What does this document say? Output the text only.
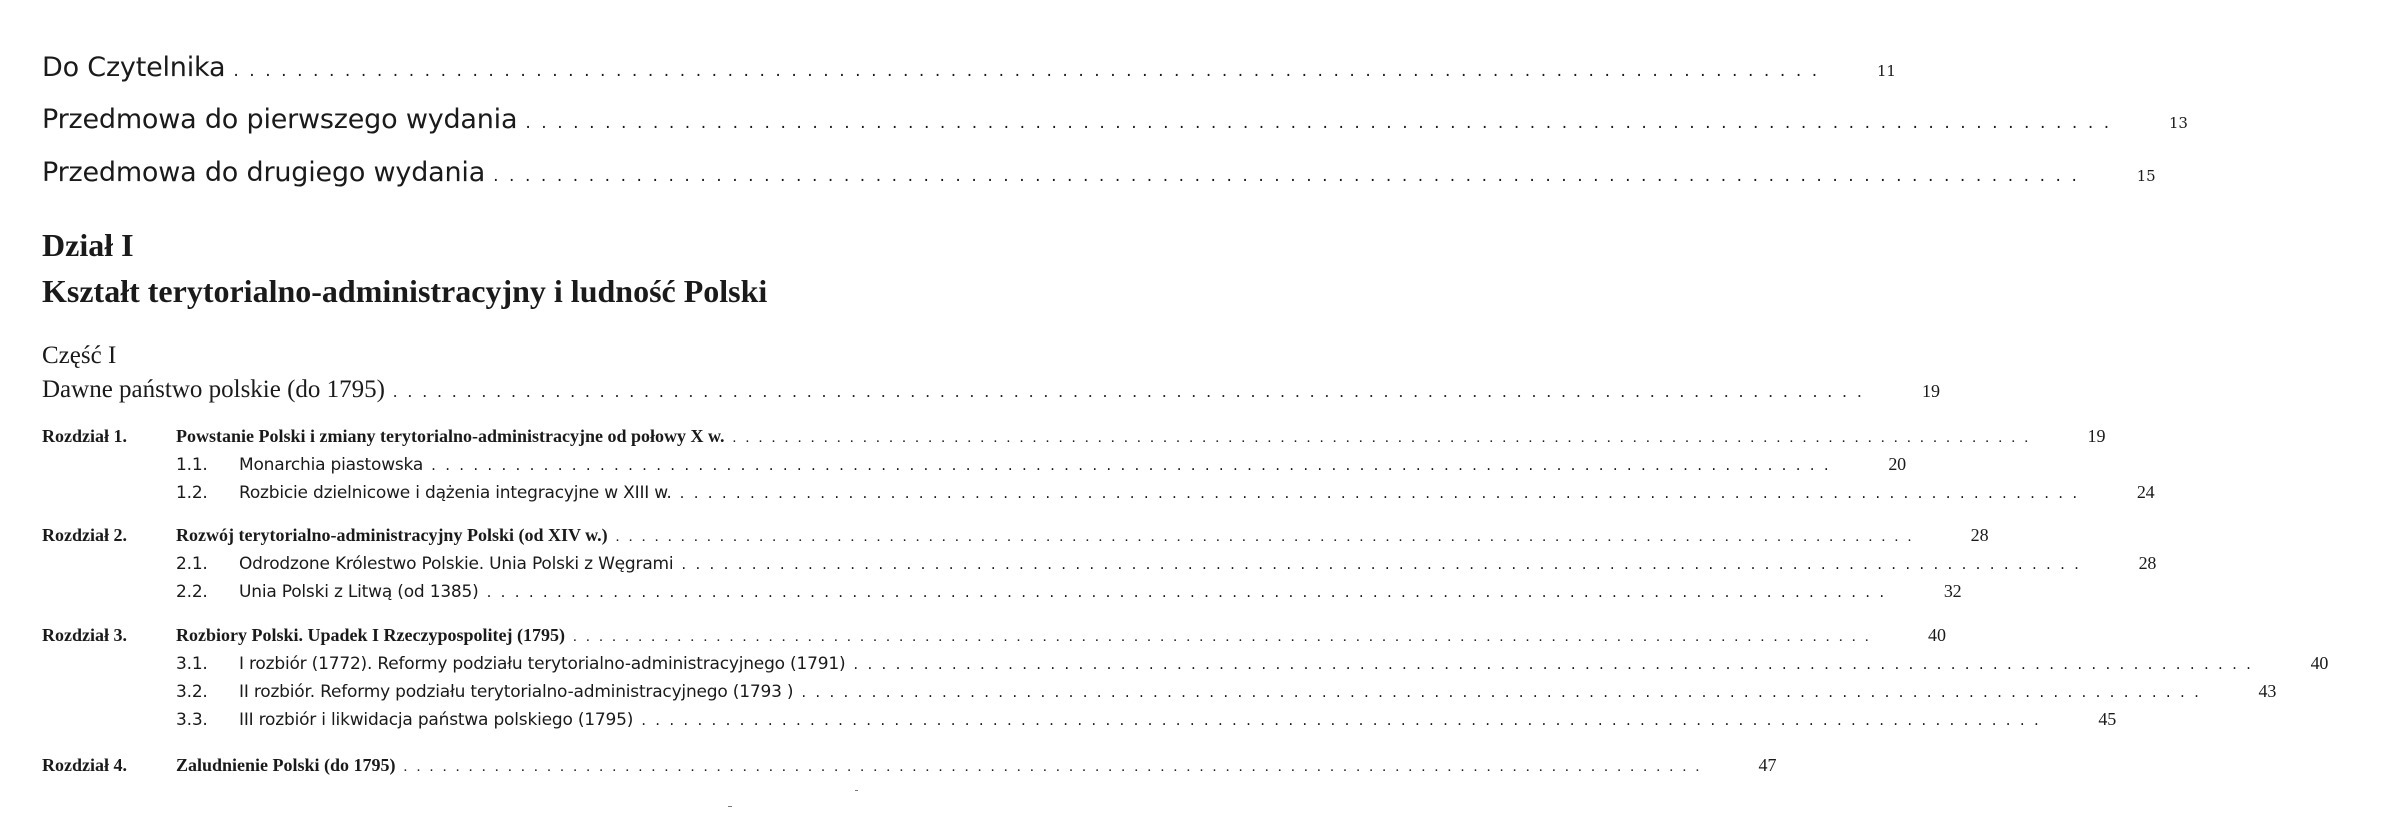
Do Czytelnika ....................................................................................................	11
Przedmowa do pierwszego wydania ....................................................................................................	13
Przedmowa do drugiego wydania ....................................................................................................	15
Dział I
Kształt terytorialno-administracyjny i ludność Polski
Część I
Dawne państwo polskie (do 1795) ....................................................................................................	19
Rozdział 1.	Powstanie Polski i zmiany terytorialno-administracyjne od połowy X w. ....................................................................................................	19
1.1.	Monarchia piastowska ....................................................................................................	20
1.2.	Rozbicie dzielnicowe i dążenia integracyjne w XIII w. ....................................................................................................	24
Rozdział 2.	Rozwój terytorialno-administracyjny Polski (od XIV w.) ....................................................................................................	28
2.1.	Odrodzone Królestwo Polskie. Unia Polski z Węgrami ....................................................................................................	28
2.2.	Unia Polski z Litwą (od 1385) ....................................................................................................	32
Rozdział 3.	Rozbiory Polski. Upadek I Rzeczypospolitej (1795) ....................................................................................................	40
3.1.	I rozbiór (1772). Reformy podziału terytorialno-administracyjnego (1791) ....................................................................................................	40
3.2.	II rozbiór. Reformy podziału terytorialno-administracyjnego (1793 ) ....................................................................................................	43
3.3.	III rozbiór i likwidacja państwa polskiego (1795) ....................................................................................................	45
Rozdział 4.	Zaludnienie Polski (do 1795) ....................................................................................................	47
